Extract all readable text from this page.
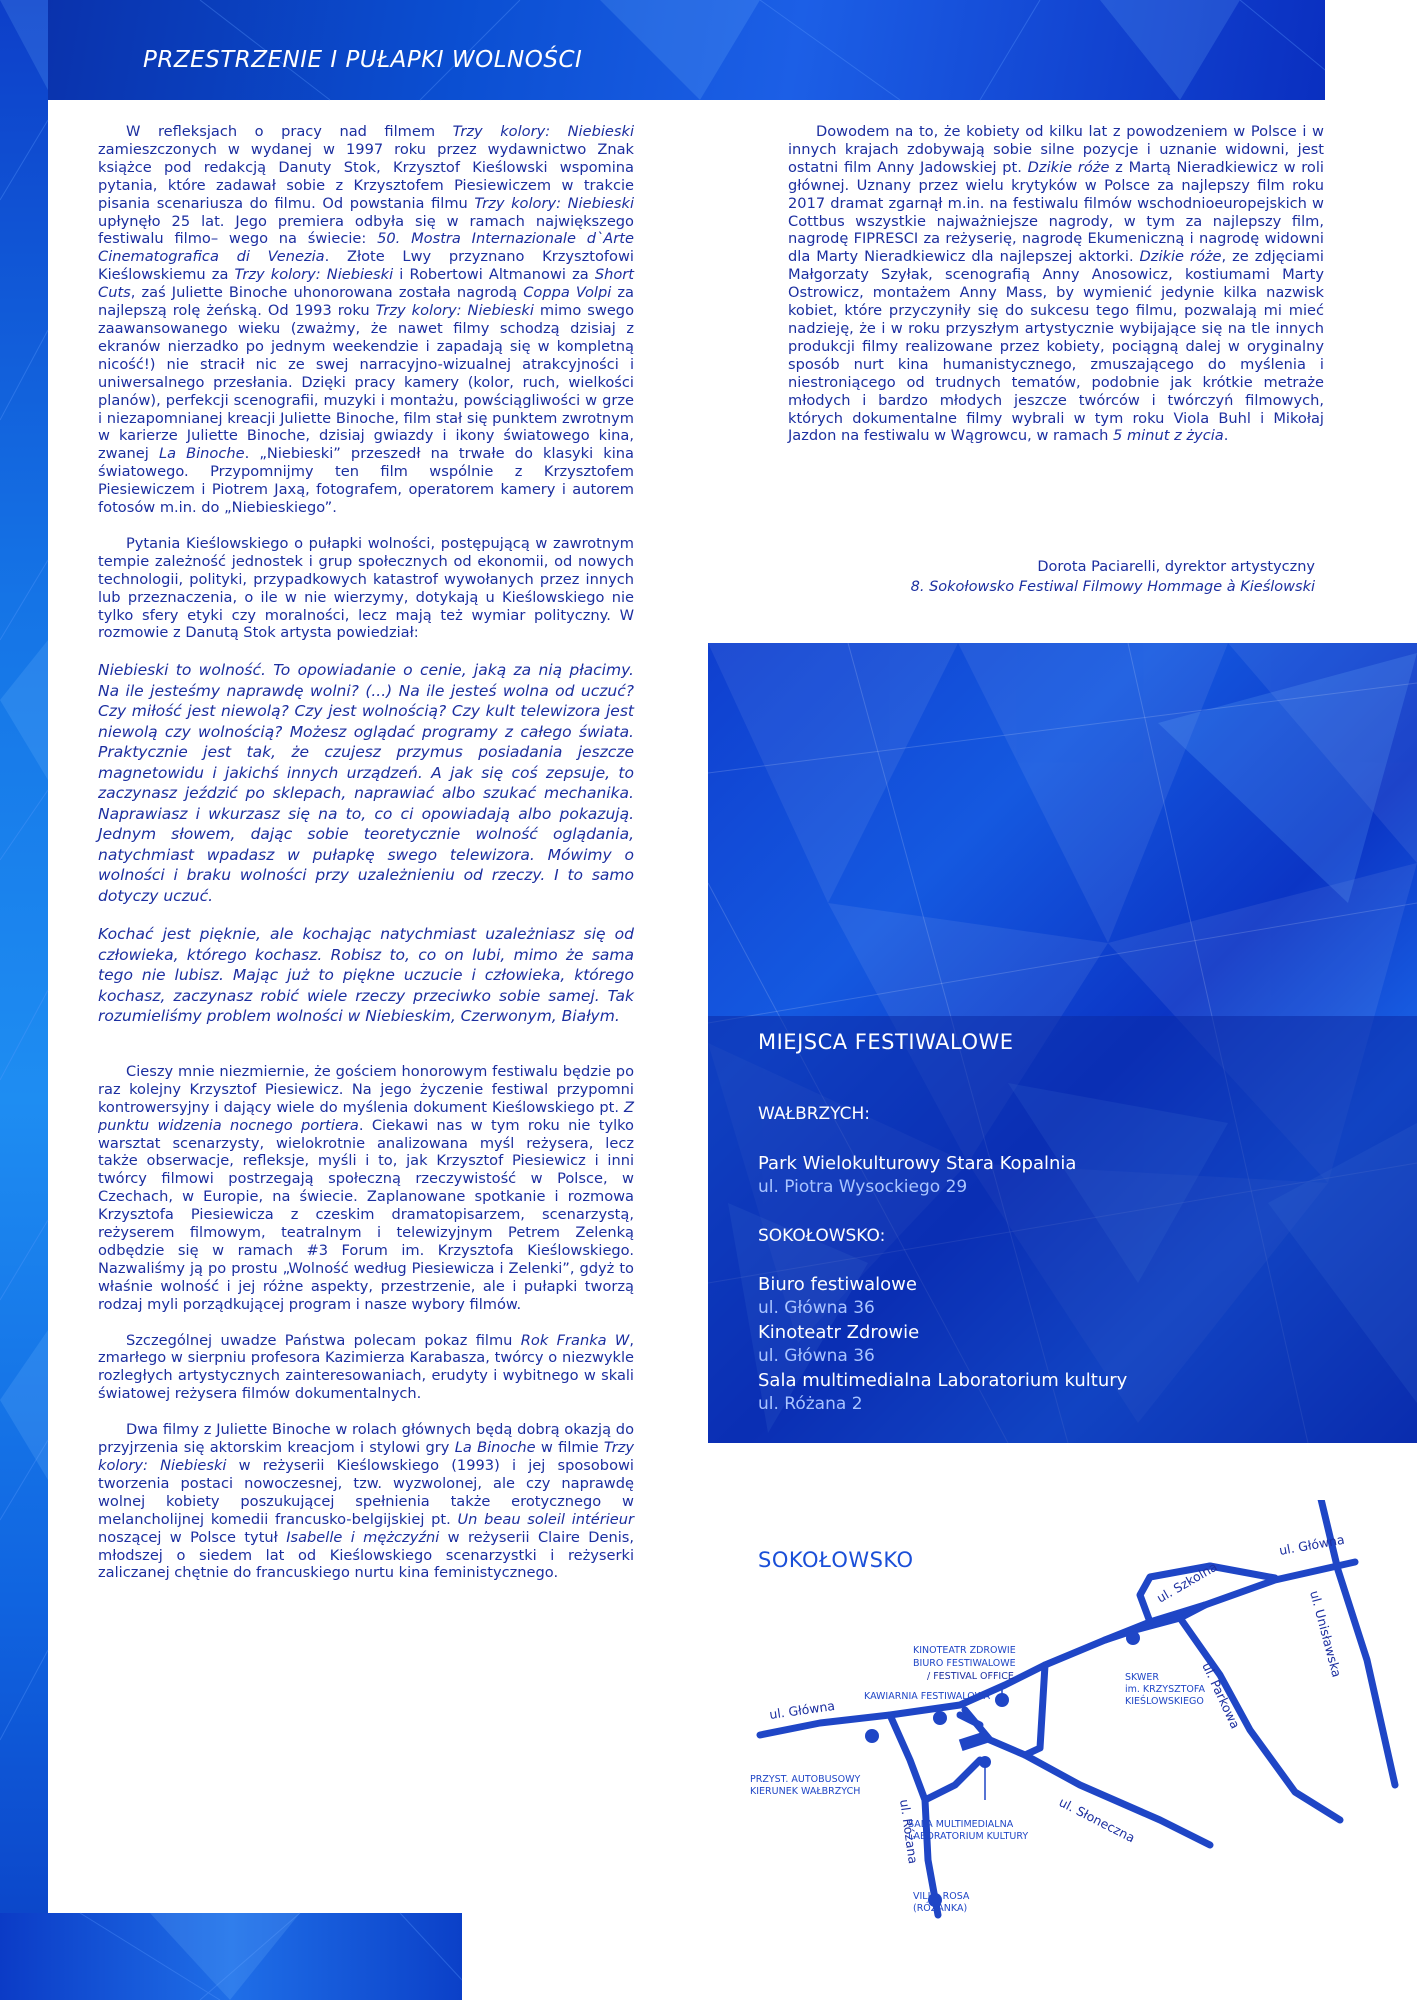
PRZESTRZENIE I PUŁAPKI WOLNOŚCI

W refleksjach o pracy nad filmem Trzy kolory: Niebieski zamieszczonych w wydanej w 1997 roku przez wydawnictwo Znak książce pod redakcją Danuty Stok, Krzysztof Kieślowski wspomina pytania, które zadawał sobie z Krzysztofem Piesiewiczem w trakcie pisania scenariusza do filmu. Od powstania filmu Trzy kolory: Niebieski upłynęło 25 lat. Jego premiera odbyła się w ramach największego festiwalu filmo– wego na świecie: 50. Mostra Internazionale d`Arte Cinematografica di Venezia. Złote Lwy przyznano Krzysztofowi Kieślowskiemu za Trzy kolory: Niebieski i Robertowi Altmanowi za Short Cuts, zaś Juliette Binoche uhonorowana została nagrodą Coppa Volpi za najlepszą rolę żeńską. Od 1993 roku Trzy kolory: Niebieski mimo swego zaawansowanego wieku (zważmy, że nawet filmy schodzą dzisiaj z ekranów nierzadko po jednym weekendzie i zapadają się w kompletną nicość!) nie stracił nic ze swej narracyjno-wizualnej atrakcyjności i uniwersalnego przesłania. Dzięki pracy kamery (kolor, ruch, wielkości planów), perfekcji scenografii, muzyki i montażu, powściągliwości w grze i niezapomnianej kreacji Juliette Binoche, film stał się punktem zwrotnym w karierze Juliette Binoche, dzisiaj gwiazdy i ikony światowego kina, zwanej La Binoche. „Niebieski” przeszedł na trwałe do klasyki kina światowego. Przypomnijmy ten film wspólnie z Krzysztofem Piesiewiczem i Piotrem Jaxą, fotografem, operatorem kamery i autorem fotosów m.in. do „Niebieskiego”.

Pytania Kieślowskiego o pułapki wolności, postępującą w zawrotnym tempie zależność jednostek i grup społecznych od ekonomii, od nowych technologii, polityki, przypadkowych katastrof wywołanych przez innych lub przeznaczenia, o ile w nie wierzymy, dotykają u Kieślowskiego nie tylko sfery etyki czy moralności, lecz mają też wymiar polityczny. W rozmowie z Danutą Stok artysta powiedział:

Niebieski to wolność. To opowiadanie o cenie, jaką za nią płacimy. Na ile jesteśmy naprawdę wolni? (...) Na ile jesteś wolna od uczuć? Czy miłość jest niewolą? Czy jest wolnością? Czy kult telewizora jest niewolą czy wolnością? Możesz oglądać programy z całego świata. Praktycznie jest tak, że czujesz przymus posiadania jeszcze magnetowidu i jakichś innych urządzeń. A jak się coś zepsuje, to zaczynasz jeździć po sklepach, naprawiać albo szukać mechanika. Naprawiasz i wkurzasz się na to, co ci opowiadają albo pokazują. Jednym słowem, dając sobie teoretycznie wolność oglądania, natychmiast wpadasz w pułapkę swego telewizora. Mówimy o wolności i braku wolności przy uzależnieniu od rzeczy. I to samo dotyczy uczuć.

Kochać jest pięknie, ale kochając natychmiast uzależniasz się od człowieka, którego kochasz. Robisz to, co on lubi, mimo że sama tego nie lubisz. Mając już to piękne uczucie i człowieka, którego kochasz, zaczynasz robić wiele rzeczy przeciwko sobie samej. Tak rozumieliśmy problem wolności w Niebieskim, Czerwonym, Białym.

Cieszy mnie niezmiernie, że gościem honorowym festiwalu będzie po raz kolejny Krzysztof Piesiewicz. Na jego życzenie festiwal przypomni kontrowersyjny i dający wiele do myślenia dokument Kieślowskiego pt. Z punktu widzenia nocnego portiera. Ciekawi nas w tym roku nie tylko warsztat scenarzysty, wielokrotnie analizowana myśl reżysera, lecz także obserwacje, refleksje, myśli i to, jak Krzysztof Piesiewicz i inni twórcy filmowi postrzegają społeczną rzeczywistość w Polsce, w Czechach, w Europie, na świecie. Zaplanowane spotkanie i rozmowa Krzysztofa Piesiewicza z czeskim dramatopisarzem, scenarzystą, reżyserem filmowym, teatralnym i telewizyjnym Petrem Zelenką odbędzie się w ramach #3 Forum im. Krzysztofa Kieślowskiego. Nazwaliśmy ją po prostu „Wolność według Piesiewicza i Zelenki”, gdyż to właśnie wolność i jej różne aspekty, przestrzenie, ale i pułapki tworzą rodzaj myli porządkującej program i nasze wybory filmów.

Szczególnej uwadze Państwa polecam pokaz filmu Rok Franka W, zmarłego w sierpniu profesora Kazimierza Karabasza, twórcy o niezwykle rozległych artystycznych zainteresowaniach, erudyty i wybitnego w skali światowej reżysera filmów dokumentalnych.

Dwa filmy z Juliette Binoche w rolach głównych będą dobrą okazją do przyjrzenia się aktorskim kreacjom i stylowi gry La Binoche w filmie Trzy kolory: Niebieski w reżyserii Kieślowskiego (1993) i jej sposobowi tworzenia postaci nowoczesnej, tzw. wyzwolonej, ale czy naprawdę wolnej kobiety poszukującej spełnienia także erotycznego w melancholijnej komedii francusko-belgijskiej pt. Un beau soleil intérieur noszącej w Polsce tytuł Isabelle i mężczyźni w reżyserii Claire Denis, młodszej o siedem lat od Kieślowskiego scenarzystki i reżyserki zaliczanej chętnie do francuskiego nurtu kina feministycznego.

Dowodem na to, że kobiety od kilku lat z powodzeniem w Polsce i w innych krajach zdobywają sobie silne pozycje i uznanie widowni, jest ostatni film Anny Jadowskiej pt. Dzikie róże z Martą Nieradkiewicz w roli głównej. Uznany przez wielu krytyków w Polsce za najlepszy film roku 2017 dramat zgarnął m.in. na festiwalu filmów wschodnioeuropejskich w Cottbus wszystkie najważniejsze nagrody, w tym za najlepszy film, nagrodę FIPRESCI za reżyserię, nagrodę Ekumeniczną i nagrodę widowni dla Marty Nieradkiewicz dla najlepszej aktorki. Dzikie róże, ze zdjęciami Małgorzaty Szyłak, scenografią Anny Anosowicz, kostiumami Marty Ostrowicz, montażem Anny Mass, by wymienić jedynie kilka nazwisk kobiet, które przyczyniły się do sukcesu tego filmu, pozwalają mi mieć nadzieję, że i w roku przyszłym artystycznie wybijające się na tle innych produkcji filmy realizowane przez kobiety, pociągną dalej w oryginalny sposób nurt kina humanistycznego, zmuszającego do myślenia i niestroniącego od trudnych tematów, podobnie jak krótkie metraże młodych i bardzo młodych jeszcze twórców i twórczyń filmowych, których dokumentalne filmy wybrali w tym roku Viola Buhl i Mikołaj Jazdon na festiwalu w Wągrowcu, w ramach 5 minut z życia.

Dorota Paciarelli, dyrektor artystyczny
8. Sokołowsko Festiwal Filmowy Hommage à Kieślowski
MIEJSCA FESTIWALOWE
WAŁBRZYCH:
Park Wielokulturowy Stara Kopalnia
ul. Piotra Wysockiego 29
SOKOŁOWSKO:
Biuro festiwalowe
ul. Główna 36
Kinoteatr Zdrowie
ul. Główna 36
Sala multimedialna Laboratorium kultury
ul. Różana 2
SOKOŁOWSKO
ul. Główna
ul. Główna
ul. Szkolna
ul. Unisławska
ul. Parkowa
ul. Słoneczna
ul. Różana
KINOTEATR ZDROWIE
BIURO FESTIWALOWE
/ FESTIVAL OFFICE
KAWIARNIA FESTIWALOWA
SKWER
im. KRZYSZTOFA
KIEŚLOWSKIEGO
PRZYST. AUTOBUSOWY
KIERUNEK WAŁBRZYCH
SALA MULTIMEDIALNA
LABORATORIUM KULTURY
VILLA ROSA
(RÓŻANKA)
